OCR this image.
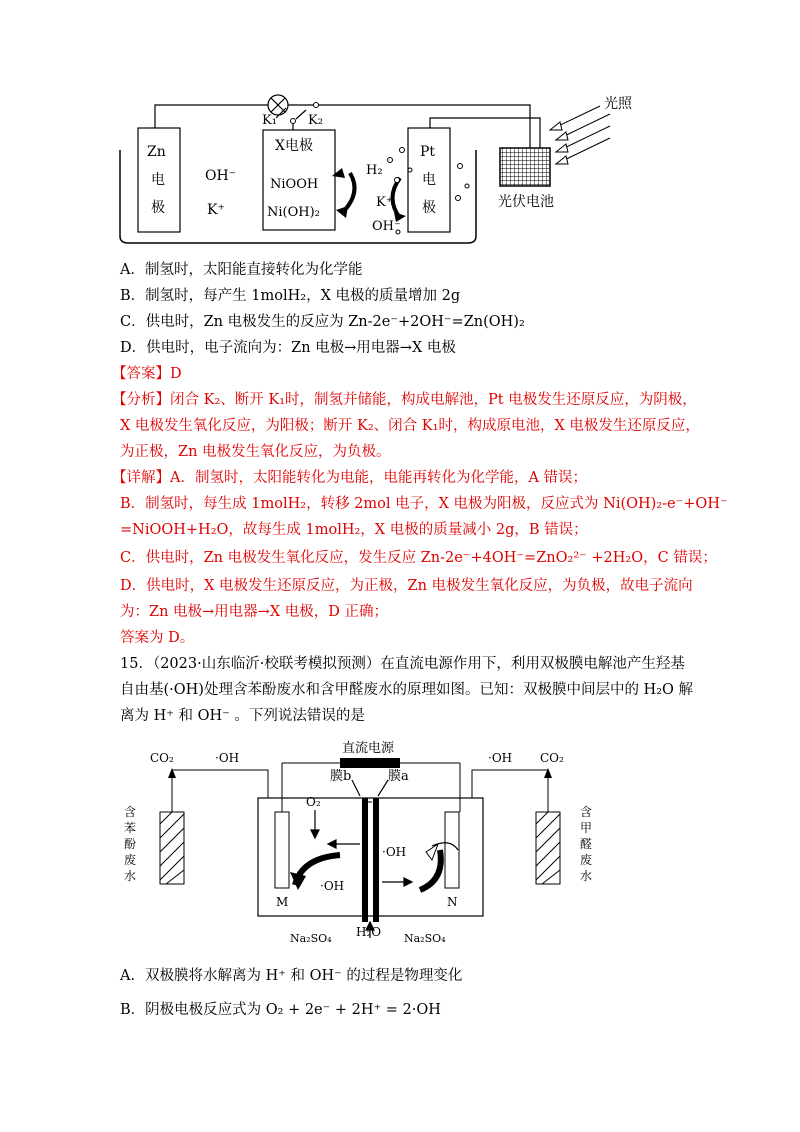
K₁ K₂
Zn
电
极
X电极
NiOOH
Ni(OH)₂
Pt
电
极
OH⁻
K⁺
H₂
K⁺
OH⁻
光伏电池
光照
A．制氢时，太阳能直接转化为化学能
B．制氢时，每产生 1molH₂，X 电极的质量增加 2g
C．供电时，Zn 电极发生的反应为 Zn-2e⁻+2OH⁻=Zn(OH)₂
D．供电时，电子流向为：Zn 电极→用电器→X 电极
【答案】D
【分析】闭合 K₂、断开 K₁时，制氢并储能，构成电解池，Pt 电极发生还原反应，为阴极，
X 电极发生氧化反应，为阳极；断开 K₂、闭合 K₁时，构成原电池，X 电极发生还原反应，
为正极，Zn 电极发生氧化反应，为负极。
【详解】A．制氢时，太阳能转化为电能，电能再转化为化学能，A 错误；
B．制氢时，每生成 1molH₂，转移 2mol 电子，X 电极为阳极，反应式为 Ni(OH)₂-e⁻+OH⁻
=NiOOH+H₂O，故每生成 1molH₂，X 电极的质量减小 2g，B 错误；
C．供电时，Zn 电极发生氧化反应，发生反应 Zn-2e⁻+4OH⁻=ZnO₂²⁻ +2H₂O，C 错误；
D．供电时，X 电极发生还原反应，为正极，Zn 电极发生氧化反应，为负极，故电子流向
为：Zn 电极→用电器→X 电极，D 正确；
答案为 D。
15．（2023·山东临沂·校联考模拟预测）在直流电源作用下，利用双极膜电解池产生羟基
自由基(·OH)处理含苯酚废水和含甲醛废水的原理如图。已知：双极膜中间层中的 H₂O 解
离为 H⁺ 和 OH⁻ 。下列说法错误的是
直流电源
CO₂	·OH	·OH CO₂
O₂
膜b	膜a
·OH
·OH
M	N
Na₂SO₄ H₂O Na₂SO₄
含
苯
酚
废
水
含
甲
醛
废
水
A．双极膜将水解离为 H⁺ 和 OH⁻ 的过程是物理变化
B．阴极电极反应式为 O₂ + 2e⁻ + 2H⁺ = 2·OH
